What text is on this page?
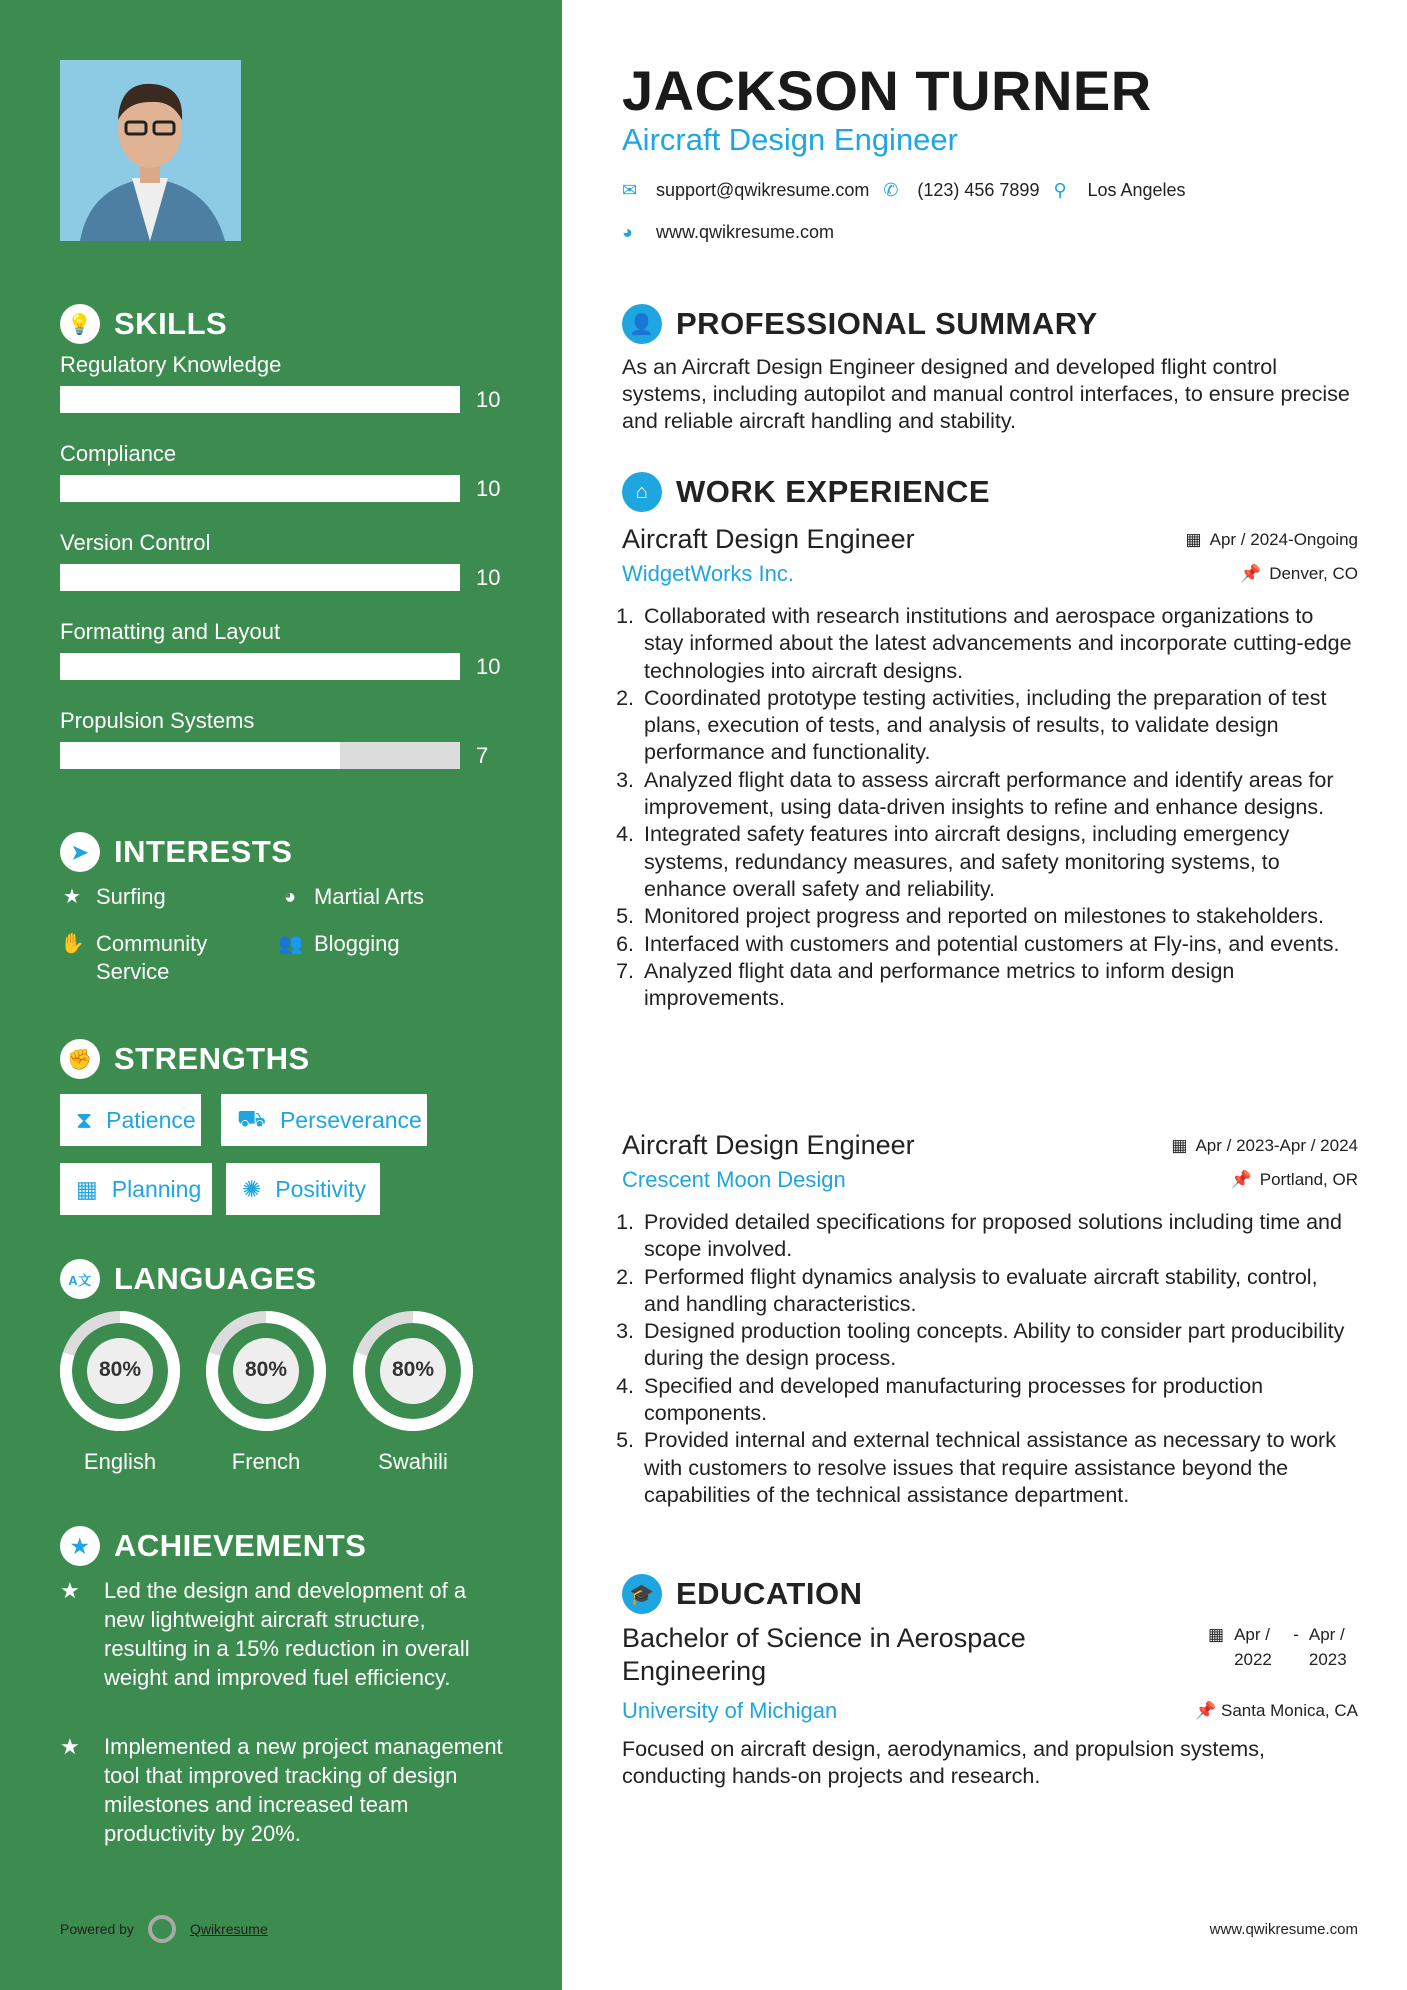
💡 SKILLS
Regulatory Knowledge
10
Compliance
10
Version Control
10
Formatting and Layout
10
Propulsion Systems
7
➤ INTERESTS
★ Surfing	◕ Martial Arts
✋ Community Service
👥 Blogging
✊ STRENGTHS
⧗ Patience ⛟ Perseverance
▦ Planning ✺ Positivity
A文 LANGUAGES
80%
English
80%
French
80%
Swahili
★ ACHIEVEMENTS
★	Led the design and development of a new lightweight aircraft structure, resulting in a 15% reduction in overall weight and improved fuel efficiency.
★	Implemented a new project management tool that improved tracking of design milestones and increased team productivity by 20%.
Powered by	Qwikresume
JACKSON TURNER
Aircraft Design Engineer
✉ support@qwikresume.com ✆ (123) 456 7899 ⚲	Los Angeles
◕	www.qwikresume.com
👤 PROFESSIONAL SUMMARY
As an Aircraft Design Engineer designed and developed flight control systems, including autopilot and manual control interfaces, to ensure precise and reliable aircraft handling and stability.
⌂ WORK EXPERIENCE
Aircraft Design Engineer	▦ Apr / 2024-Ongoing
WidgetWorks Inc.	📌 Denver, CO
1. Collaborated with research institutions and aerospace organizations to stay informed about the latest advancements and incorporate cutting-edge technologies into aircraft designs.
2. Coordinated prototype testing activities, including the preparation of test plans, execution of tests, and analysis of results, to validate design performance and functionality.
3. Analyzed flight data to assess aircraft performance and identify areas for improvement, using data-driven insights to refine and enhance designs.
4. Integrated safety features into aircraft designs, including emergency systems, redundancy measures, and safety monitoring systems, to enhance overall safety and reliability.
5. Monitored project progress and reported on milestones to stakeholders.
6. Interfaced with customers and potential customers at Fly-ins, and events.
7. Analyzed flight data and performance metrics to inform design improvements.
Aircraft Design Engineer	▦ Apr / 2023-Apr / 2024
Crescent Moon Design	📌 Portland, OR
1. Provided detailed specifications for proposed solutions including time and scope involved.
2. Performed flight dynamics analysis to evaluate aircraft stability, control, and handling characteristics.
3. Designed production tooling concepts. Ability to consider part producibility during the design process.
4. Specified and developed manufacturing processes for production components.
5. Provided internal and external technical assistance as necessary to work with customers to resolve issues that require assistance beyond the capabilities of the technical assistance department.
🎓 EDUCATION
Bachelor of Science in Aerospace Engineering
▦ Apr / 2022
- Apr / 2023
University of Michigan	📌 Santa Monica, CA
Focused on aircraft design, aerodynamics, and propulsion systems, conducting hands-on projects and research.
www.qwikresume.com
